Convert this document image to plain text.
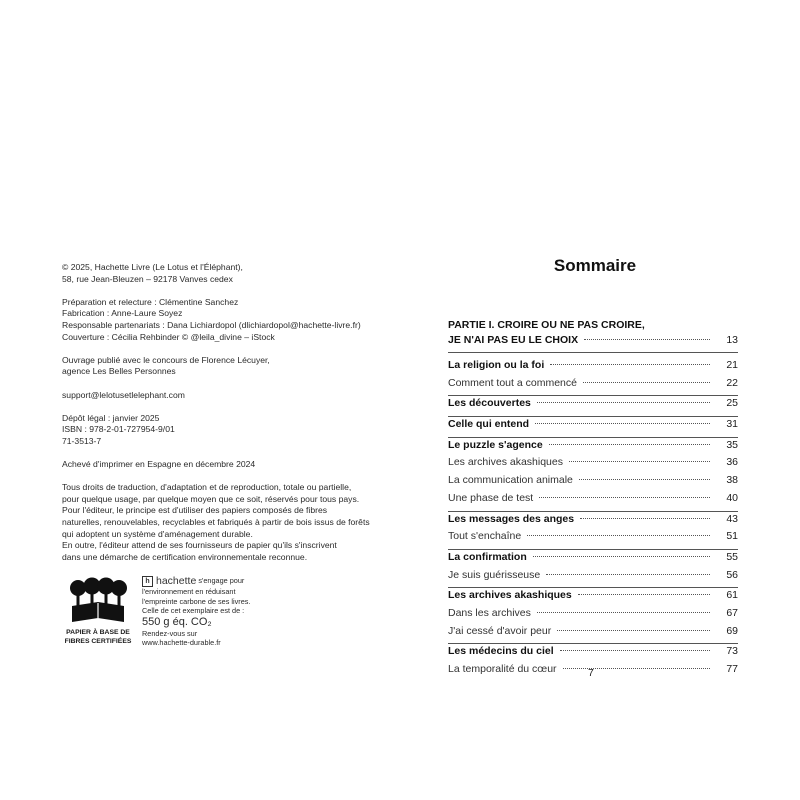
© 2025, Hachette Livre (Le Lotus et l'Éléphant),
58, rue Jean-Bleuzen – 92178 Vanves cedex
Préparation et relecture : Clémentine Sanchez
Fabrication : Anne-Laure Soyez
Responsable partenariats : Dana Lichiardopol (dlichiardopol@hachette-livre.fr)
Couverture : Cécilia Rehbinder © @leila_divine – iStock
Ouvrage publié avec le concours de Florence Lécuyer,
agence Les Belles Personnes
support@lelotusetlelephant.com
Dépôt légal : janvier 2025
ISBN : 978-2-01-727954-9/01
71-3513-7
Achevé d'imprimer en Espagne en décembre 2024
Tous droits de traduction, d'adaptation et de reproduction, totale ou partielle,
pour quelque usage, par quelque moyen que ce soit, réservés pour tous pays.
Pour l'éditeur, le principe est d'utiliser des papiers composés de fibres
naturelles, renouvelables, recyclables et fabriqués à partir de bois issus de forêts
qui adoptent un système d'aménagement durable.
En outre, l'éditeur attend de ses fournisseurs de papier qu'ils s'inscrivent
dans une démarche de certification environnementale reconnue.
PAPIER À BASE DE
FIBRES CERTIFIÉES
h hachette s'engage pour
l'environnement en réduisant
l'empreinte carbone de ses livres.
Celle de cet exemplaire est de :
550 g éq. CO₂
Rendez-vous sur
www.hachette-durable.fr
Sommaire
PARTIE I. CROIRE OU NE PAS CROIRE,
JE N'AI PAS EU LE CHOIX	13
La religion ou la foi	21
Comment tout a commencé	22
Les découvertes	25
Celle qui entend	31
Le puzzle s'agence	35
Les archives akashiques	36
La communication animale	38
Une phase de test	40
Les messages des anges	43
Tout s'enchaîne	51
La confirmation	55
Je suis guérisseuse	56
Les archives akashiques	61
Dans les archives	67
J'ai cessé d'avoir peur	69
Les médecins du ciel	73
La temporalité du cœur	77
7
